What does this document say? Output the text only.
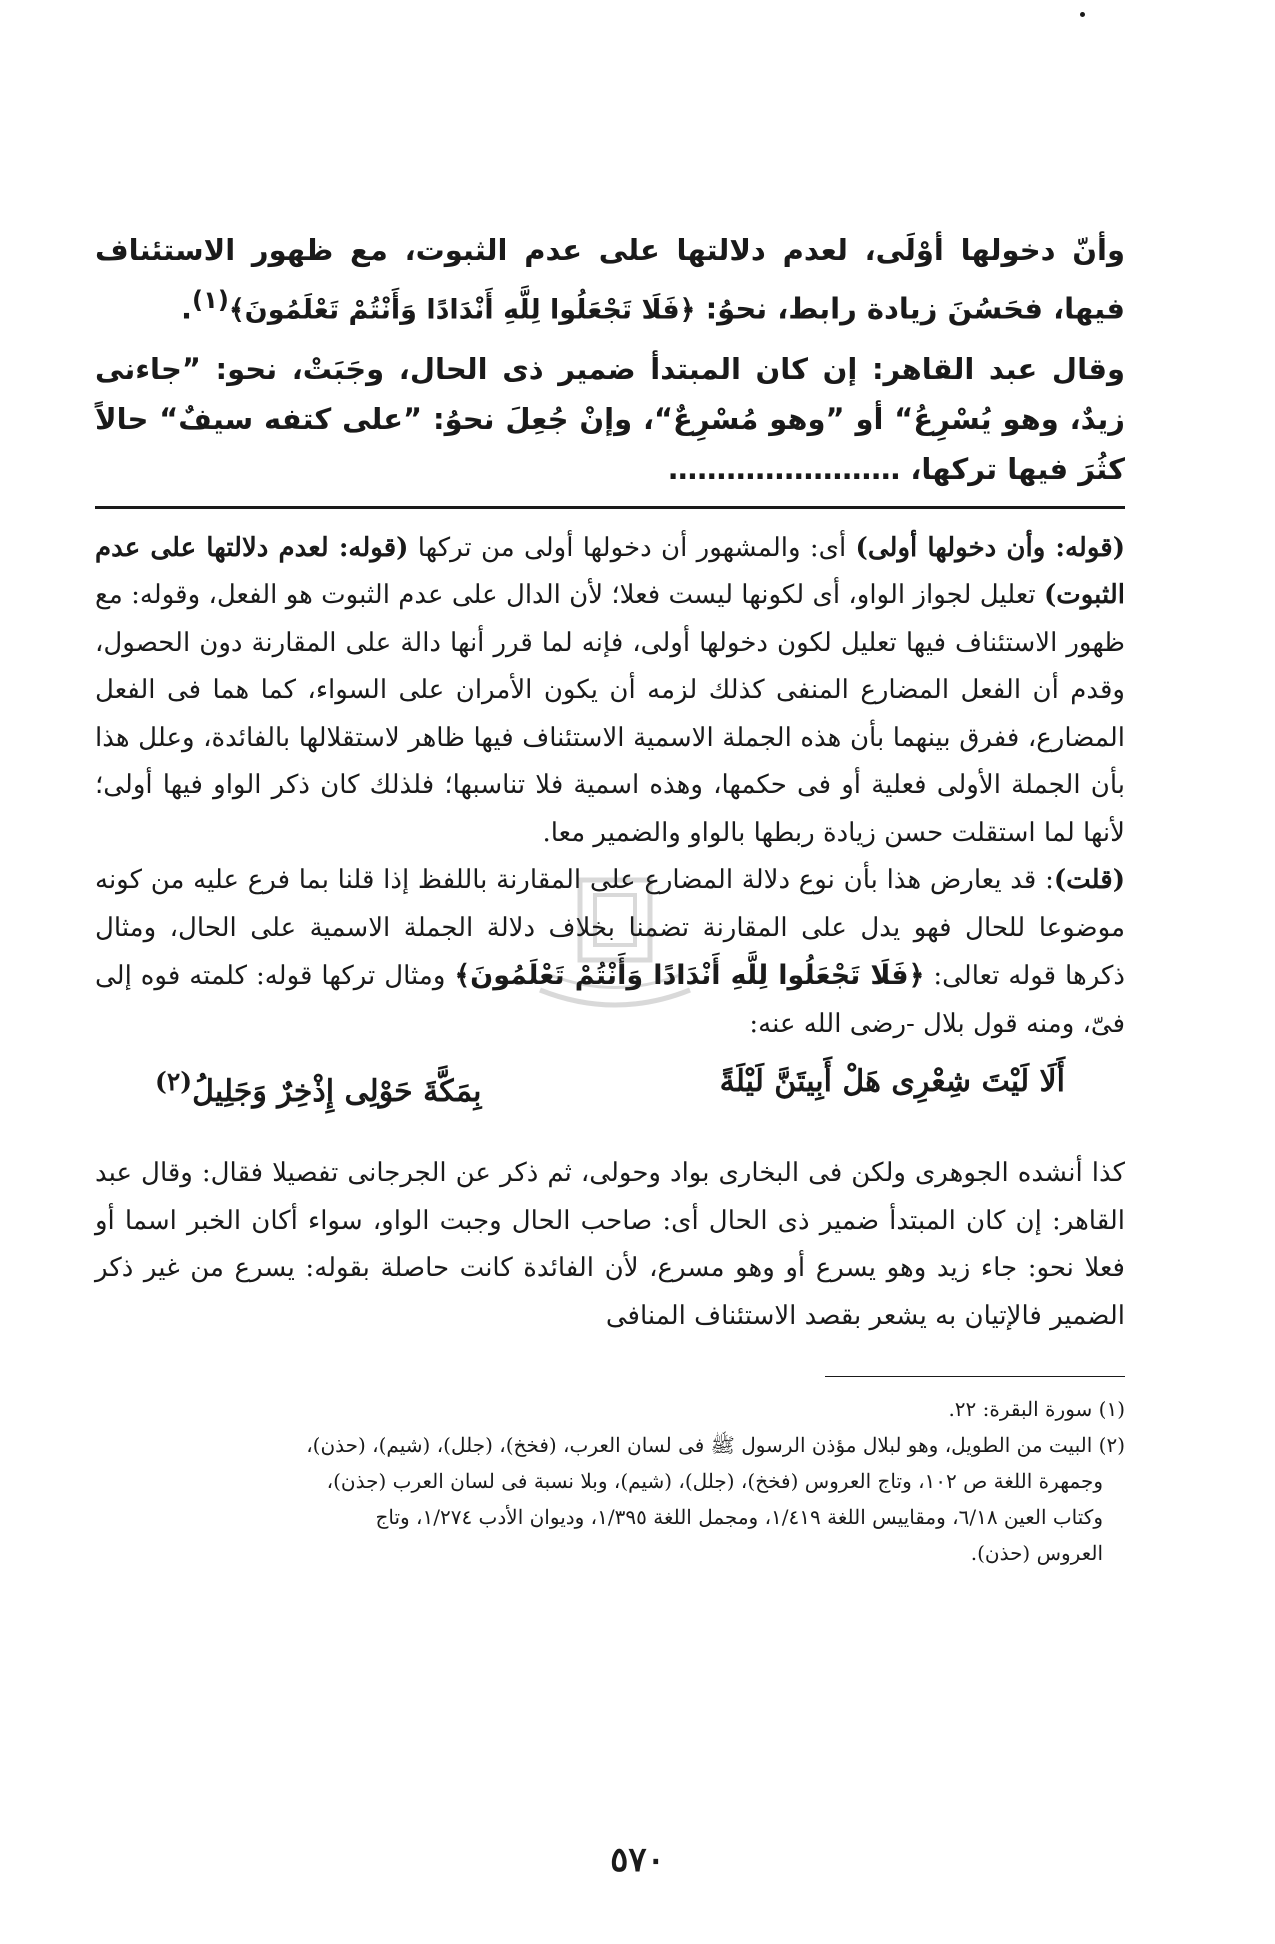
وأنّ دخولها أوْلَى، لعدم دلالتها على عدم الثبوت، مع ظهور الاستئناف فيها، فحَسُنَ زيادة رابط، نحوُ: ﴿فَلَا تَجْعَلُوا لِلَّهِ أَنْدَادًا وَأَنْتُمْ تَعْلَمُونَ﴾$^{(١)}$.

وقال عبد القاهر: إن كان المبتدأ ضمير ذى الحال، وجَبَتْ، نحو: ”جاءنى زيدٌ، وهو يُسْرِعُ“ أو ”وهو مُسْرِعٌ“، وإنْ جُعِلَ نحوُ: ”على كتفه سيفٌ“ حالاً كثُرَ فيها تركها، ……………………

(قوله: وأن دخولها أولى) أى: والمشهور أن دخولها أولى من تركها (قوله: لعدم دلالتها على عدم الثبوت) تعليل لجواز الواو، أى لكونها ليست فعلا؛ لأن الدال على عدم الثبوت هو الفعل، وقوله: مع ظهور الاستئناف فيها تعليل لكون دخولها أولى، فإنه لما قرر أنها دالة على المقارنة دون الحصول، وقدم أن الفعل المضارع المنفى كذلك لزمه أن يكون الأمران على السواء، كما هما فى الفعل المضارع، ففرق بينهما بأن هذه الجملة الاسمية الاستئناف فيها ظاهر لاستقلالها بالفائدة، وعلل هذا بأن الجملة الأولى فعلية أو فى حكمها، وهذه اسمية فلا تناسبها؛ فلذلك كان ذكر الواو فيها أولى؛ لأنها لما استقلت حسن زيادة ربطها بالواو والضمير معا.

(قلت): قد يعارض هذا بأن نوع دلالة المضارع على المقارنة باللفظ إذا قلنا بما فرع عليه من كونه موضوعا للحال فهو يدل على المقارنة تضمنا بخلاف دلالة الجملة الاسمية على الحال، ومثال ذكرها قوله تعالى: ﴿فَلَا تَجْعَلُوا لِلَّهِ أَنْدَادًا وَأَنْتُمْ تَعْلَمُونَ﴾ ومثال تركها قوله: كلمته فوه إلى فىّ، ومنه قول بلال -رضى الله عنه:

أَلَا لَيْتَ شِعْرِى هَلْ أَبِيتَنَّ لَيْلَةً
بِمَكَّةَ حَوْلِى إِذْخِرٌ وَجَلِيلُ$^{(٢)}$

كذا أنشده الجوهرى ولكن فى البخارى بواد وحولى، ثم ذكر عن الجرجانى تفصيلا فقال: وقال عبد القاهر: إن كان المبتدأ ضمير ذى الحال أى: صاحب الحال وجبت الواو، سواء أكان الخبر اسما أو فعلا نحو: جاء زيد وهو يسرع أو وهو مسرع، لأن الفائدة كانت حاصلة بقوله: يسرع من غير ذكر الضمير فالإتيان به يشعر بقصد الاستئناف المنافى

(١) سورة البقرة: ٢٢.

(٢) البيت من الطويل، وهو لبلال مؤذن الرسول ﷺ فى لسان العرب، (فخخ)، (جلل)، (شيم)، (حذن)،

وجمهرة اللغة ص ١٠٢، وتاج العروس (فخخ)، (جلل)، (شيم)، وبلا نسبة فى لسان العرب (جذن)،

وكتاب العين ٦/١٨، ومقاييس اللغة ١/٤١٩، ومجمل اللغة ١/٣٩٥، وديوان الأدب ١/٢٧٤، وتاج

العروس (حذن).

٥٧٠
